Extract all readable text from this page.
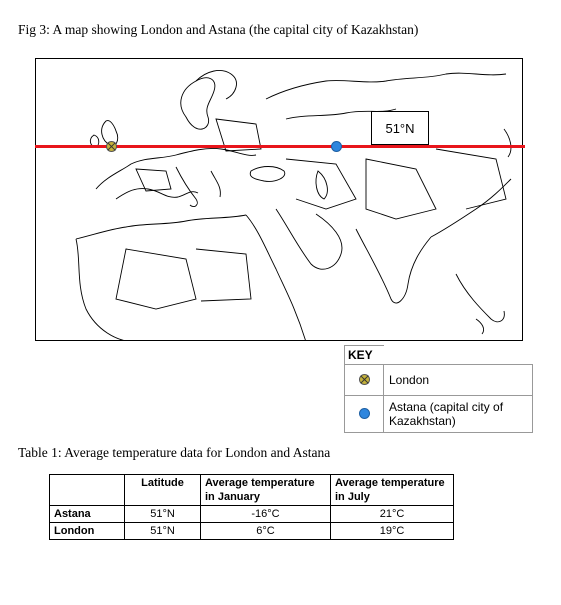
Fig 3: A map showing London and Astana (the capital city of Kazakhstan)
51°N
KEY	

	London

	Astana (capital city of Kazakhstan)
Table 1: Average temperature data for London and Astana
	Latitude	Average temperature in January	Average temperature in July
Astana	51°N	-16°C	21°C
London	51°N	6°C	19°C
